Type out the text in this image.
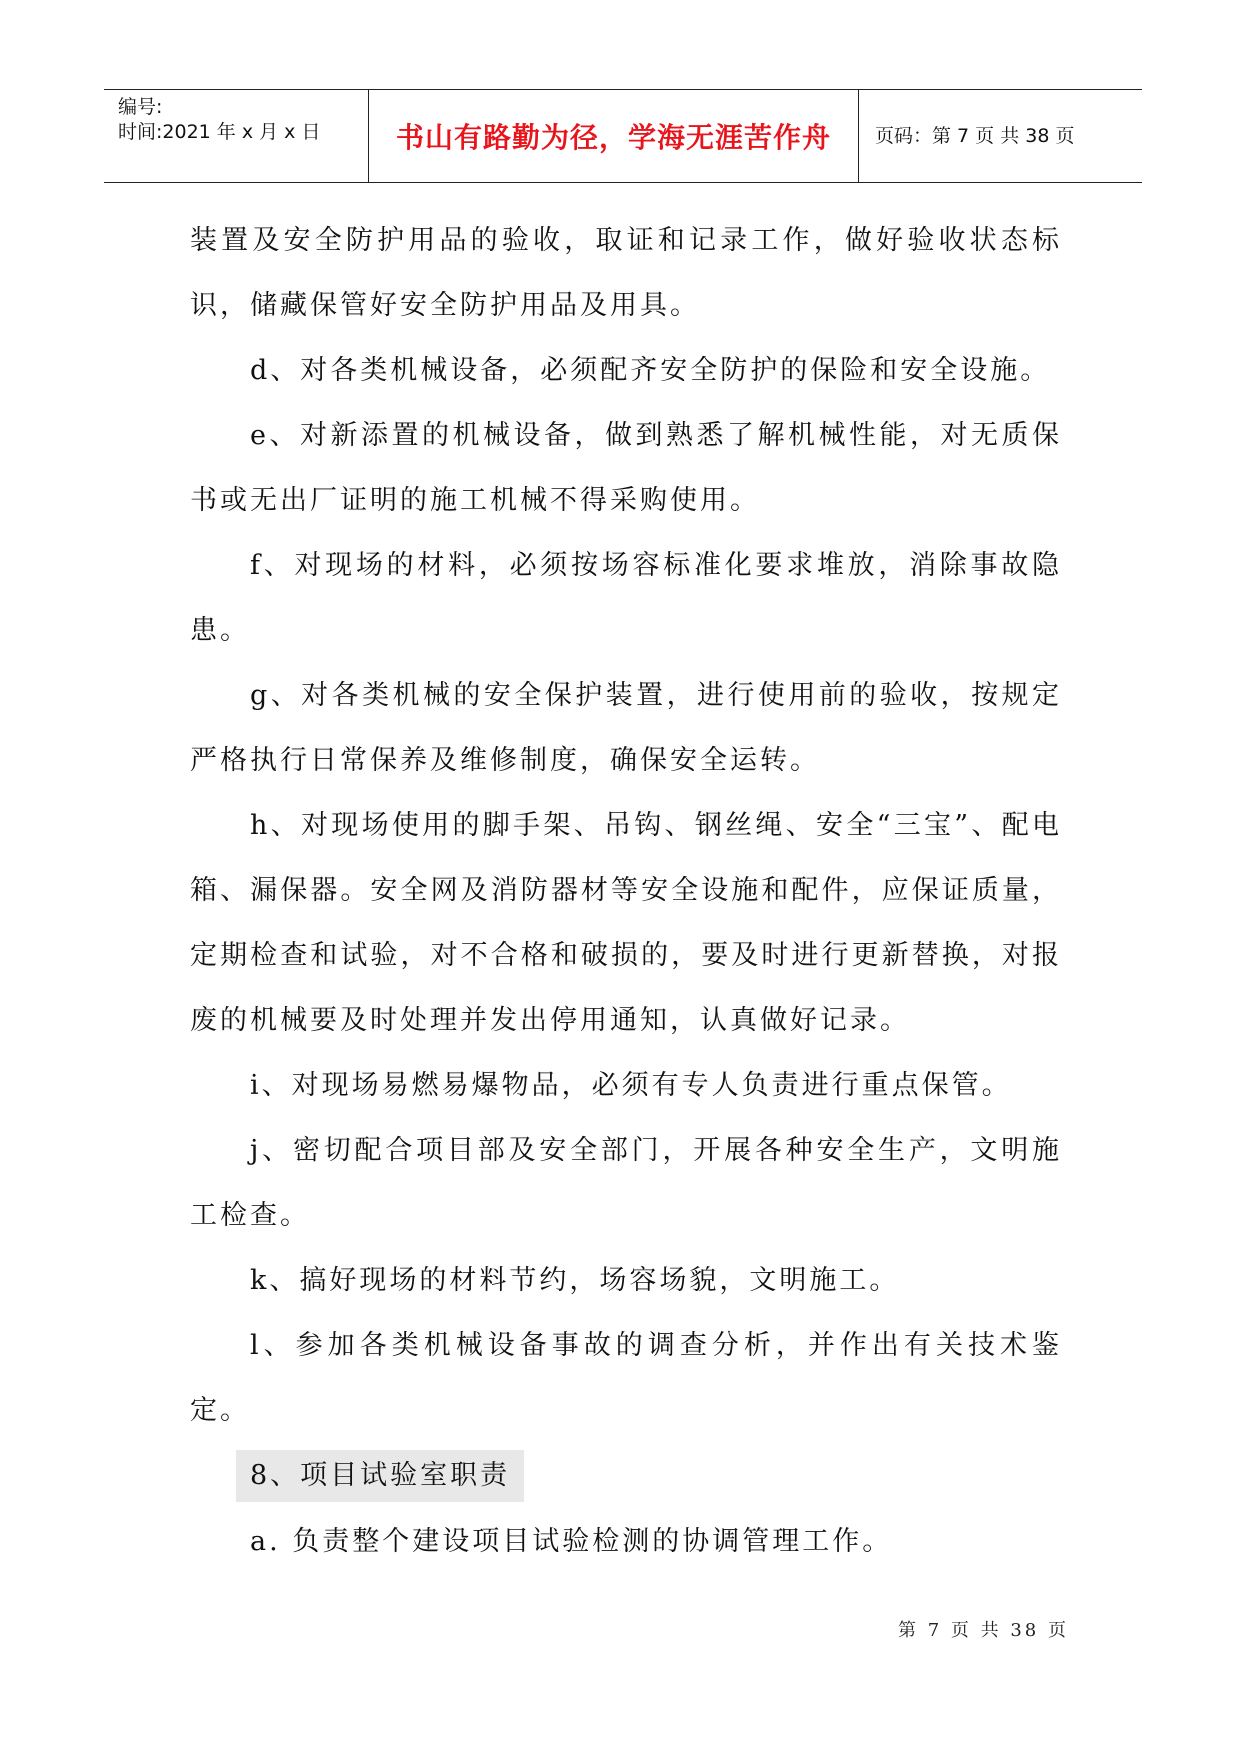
编号:
时间:2021 年 x 月 x 日	书山有路勤为径，学海无涯苦作舟 页码：第 7 页 共 38 页

装置及安全防护用品的验收，取证和记录工作，做好验收状态标识，储藏保管好安全防护用品及用具。

d、对各类机械设备，必须配齐安全防护的保险和安全设施。

e、对新添置的机械设备，做到熟悉了解机械性能，对无质保书或无出厂证明的施工机械不得采购使用。

f、对现场的材料，必须按场容标准化要求堆放，消除事故隐患。

g、对各类机械的安全保护装置，进行使用前的验收，按规定严格执行日常保养及维修制度，确保安全运转。

h、对现场使用的脚手架、吊钩、钢丝绳、安全“三宝”、配电箱、漏保器。安全网及消防器材等安全设施和配件，应保证质量，定期检查和试验，对不合格和破损的，要及时进行更新替换，对报废的机械要及时处理并发出停用通知，认真做好记录。

i、对现场易燃易爆物品，必须有专人负责进行重点保管。

j、密切配合项目部及安全部门，开展各种安全生产，文明施工检查。

k、搞好现场的材料节约，场容场貌，文明施工。

l、参加各类机械设备事故的调查分析，并作出有关技术鉴定。

8、项目试验室职责

a. 负责整个建设项目试验检测的协调管理工作。

第 7 页 共 38 页
